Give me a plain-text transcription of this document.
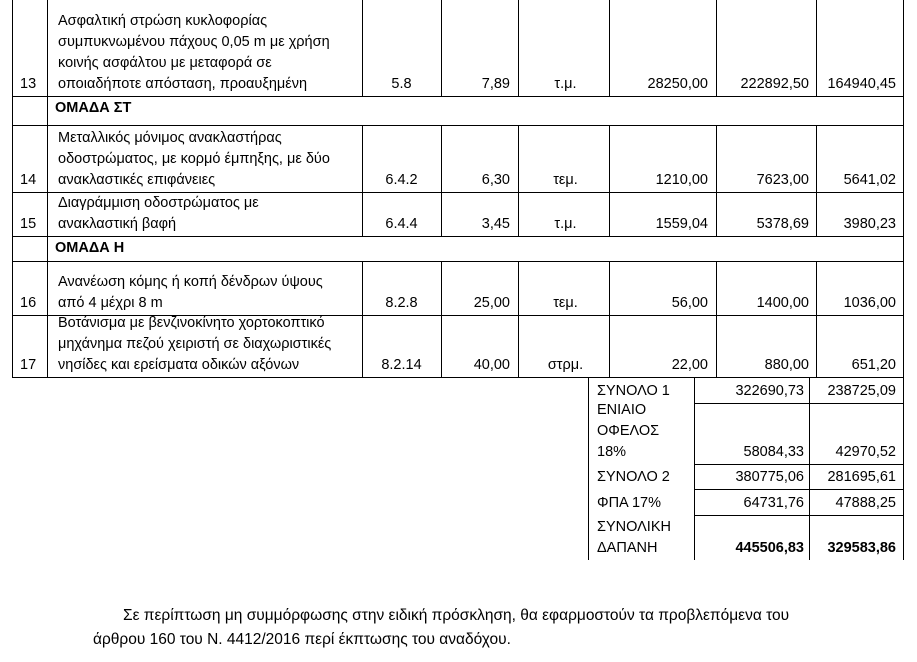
Ασφαλτική στρώση κυκλοφορίας
συμπυκνωμένου πάχους 0,05 m με χρήση
κοινής ασφάλτου με μεταφορά σε
οποιαδήποτε απόσταση, προαυξημένη
13	5.8	7,89	τ.μ.	28250,00	222892,50	164940,45
ΟΜΑΔΑ ΣΤ
Μεταλλικός μόνιμος ανακλαστήρας
οδοστρώματος, με κορμό έμπηξης, με δύο
ανακλαστικές επιφάνειες
14	6.4.2	6,30	τεμ.	1210,00	7623,00	5641,02
Διαγράμμιση οδοστρώματος με
ανακλαστική βαφή
15	6.4.4	3,45	τ.μ.	1559,04	5378,69	3980,23
ΟΜΑΔΑ Η
Ανανέωση κόμης ή κοπή δένδρων ύψους
από 4 μέχρι 8 m
16	8.2.8	25,00	τεμ.	56,00	1400,00	1036,00
Βοτάνισμα με βενζινοκίνητο χορτοκοπτικό
μηχάνημα πεζού χειριστή σε διαχωριστικές
νησίδες και ερείσματα οδικών αξόνων
17	8.2.14	40,00	στρμ.	22,00	880,00	651,20
ΣΥΝΟΛΟ 1	322690,73	238725,09
ΕΝΙΑΙΟ
ΟΦΕΛΟΣ
18%	58084,33	42970,52
ΣΥΝΟΛΟ 2	380775,06	281695,61
ΦΠΑ 17%	64731,76	47888,25
ΣΥΝΟΛΙΚΗ
ΔΑΠΑΝΗ	445506,83	329583,86
Σε περίπτωση μη συμμόρφωσης στην ειδική πρόσκληση, θα εφαρμοστούν τα προβλεπόμενα του
άρθρου 160 του Ν. 4412/2016 περί έκπτωσης του αναδόχου.
